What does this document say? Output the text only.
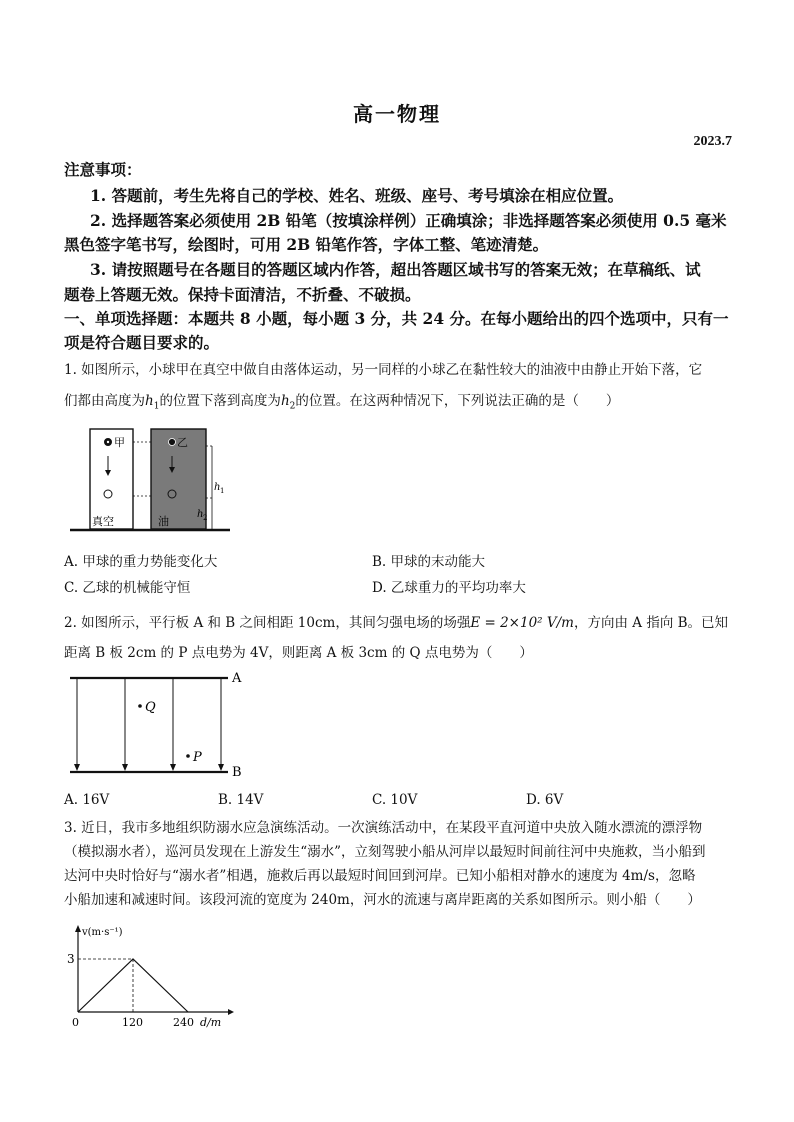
高一物理
2023.7
注意事项：
1. 答题前，考生先将自己的学校、姓名、班级、座号、考号填涂在相应位置。
2. 选择题答案必须使用 2B 铅笔（按填涂样例）正确填涂；非选择题答案必须使用 0.5 毫米
黑色签字笔书写，绘图时，可用 2B 铅笔作答，字体工整、笔迹清楚。
3. 请按照题号在各题目的答题区域内作答，超出答题区域书写的答案无效；在草稿纸、试
题卷上答题无效。保持卡面清洁，不折叠、不破损。
一、单项选择题：本题共 8 小题，每小题 3 分，共 24 分。在每小题给出的四个选项中，只有一
项是符合题目要求的。
1. 如图所示，小球甲在真空中做自由落体运动，另一同样的小球乙在黏性较大的油液中由静止开始下落，它
们都由高度为$h_1$的位置下落到高度为$h_2$的位置。在这两种情况下，下列说法正确的是（　　）
甲
真空
乙
油
h 1
h 2
A. 甲球的重力势能变化大	B. 甲球的末动能大
C. 乙球的机械能守恒	D. 乙球重力的平均功率大
2. 如图所示，平行板 A 和 B 之间相距 10cm，其间匀强电场的场强E = 2×10² V/m，方向由 A 指向 B。已知
距离 B 板 2cm 的 P 点电势为 4V，则距离 A 板 3cm 的 Q 点电势为（　　）
A
B
Q
P
A. 16V	B. 14V	C. 10V	D. 6V
3. 近日，我市多地组织防溺水应急演练活动。一次演练活动中，在某段平直河道中央放入随水漂流的漂浮物
（模拟溺水者），巡河员发现在上游发生“溺水”，立刻驾驶小船从河岸以最短时间前往河中央施救，当小船到
达河中央时恰好与“溺水者”相遇，施救后再以最短时间回到河岸。已知小船相对静水的速度为 4m/s，忽略
小船加速和减速时间。该段河流的宽度为 240m，河水的流速与离岸距离的关系如图所示。则小船（　　）
v(m·s⁻¹)
d/m
0
3
120	240
